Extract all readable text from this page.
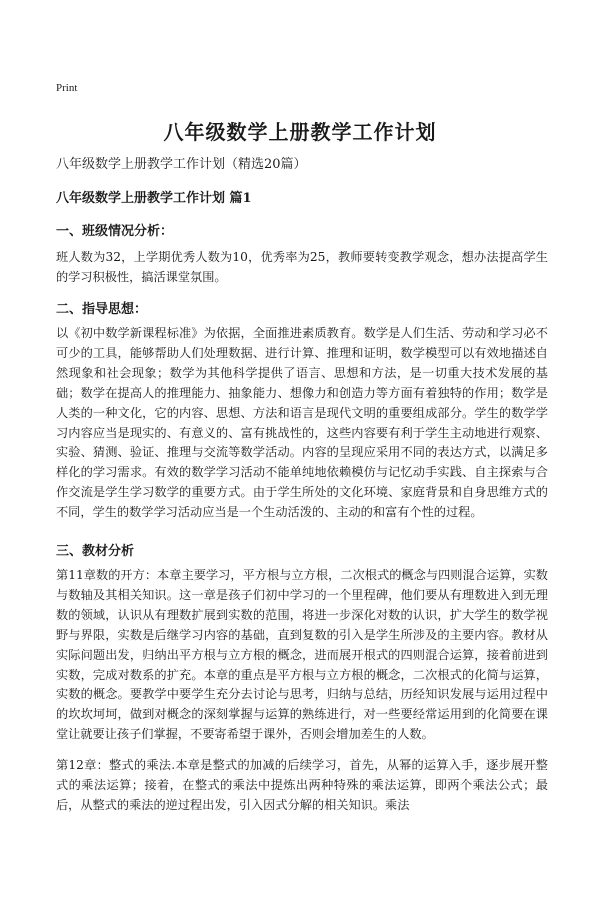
Print
八年级数学上册教学工作计划
八年级数学上册教学工作计划（精选20篇）
八年级数学上册教学工作计划 篇1
一、班级情况分析：

班人数为32，上学期优秀人数为10，优秀率为25，教师要转变教学观念，想办法提高学生的学习积极性，搞活课堂氛围。

二、指导思想：

以《初中数学新课程标准》为依据，全面推进素质教育。数学是人们生活、劳动和学习必不可少的工具，能够帮助人们处理数据、进行计算、推理和证明，数学模型可以有效地描述自然现象和社会现象；数学为其他科学提供了语言、思想和方法，是一切重大技术发展的基础；数学在提高人的推理能力、抽象能力、想像力和创造力等方面有着独特的作用；数学是人类的一种文化，它的内容、思想、方法和语言是现代文明的重要组成部分。学生的数学学习内容应当是现实的、有意义的、富有挑战性的，这些内容要有利于学生主动地进行观察、实验、猜测、验证、推理与交流等数学活动。内容的呈现应采用不同的表达方式，以满足多样化的学习需求。有效的数学学习活动不能单纯地依赖模仿与记忆动手实践、自主探索与合作交流是学生学习数学的重要方式。由于学生所处的文化环境、家庭背景和自身思维方式的不同，学生的数学学习活动应当是一个生动活泼的、主动的和富有个性的过程。

三、教材分析

第11章数的开方：本章主要学习，平方根与立方根，二次根式的概念与四则混合运算，实数与数轴及其相关知识。这一章是孩子们初中学习的一个里程碑，他们要从有理数进入到无理数的领域，认识从有理数扩展到实数的范围，将进一步深化对数的认识，扩大学生的数学视野与界限，实数是后继学习内容的基础，直到复数的引入是学生所涉及的主要内容。教材从实际问题出发，归纳出平方根与立方根的概念，进而展开根式的四则混合运算，接着前进到实数，完成对数系的扩充。本章的重点是平方根与立方根的概念，二次根式的化简与运算，实数的概念。要教学中要学生充分去讨论与思考，归纳与总结，历经知识发展与运用过程中的坎坎坷坷，做到对概念的深刻掌握与运算的熟练进行，对一些要经常运用到的化简要在课堂让就要让孩子们掌握，不要寄希望于课外，否则会增加差生的人数。

第12章：整式的乘法.本章是整式的加减的后续学习，首先，从幂的运算入手，逐步展开整式的乘法运算；接着，在整式的乘法中提炼出两种特殊的乘法运算，即两个乘法公式；最后，从整式的乘法的逆过程出发，引入因式分解的相关知识。乘法
